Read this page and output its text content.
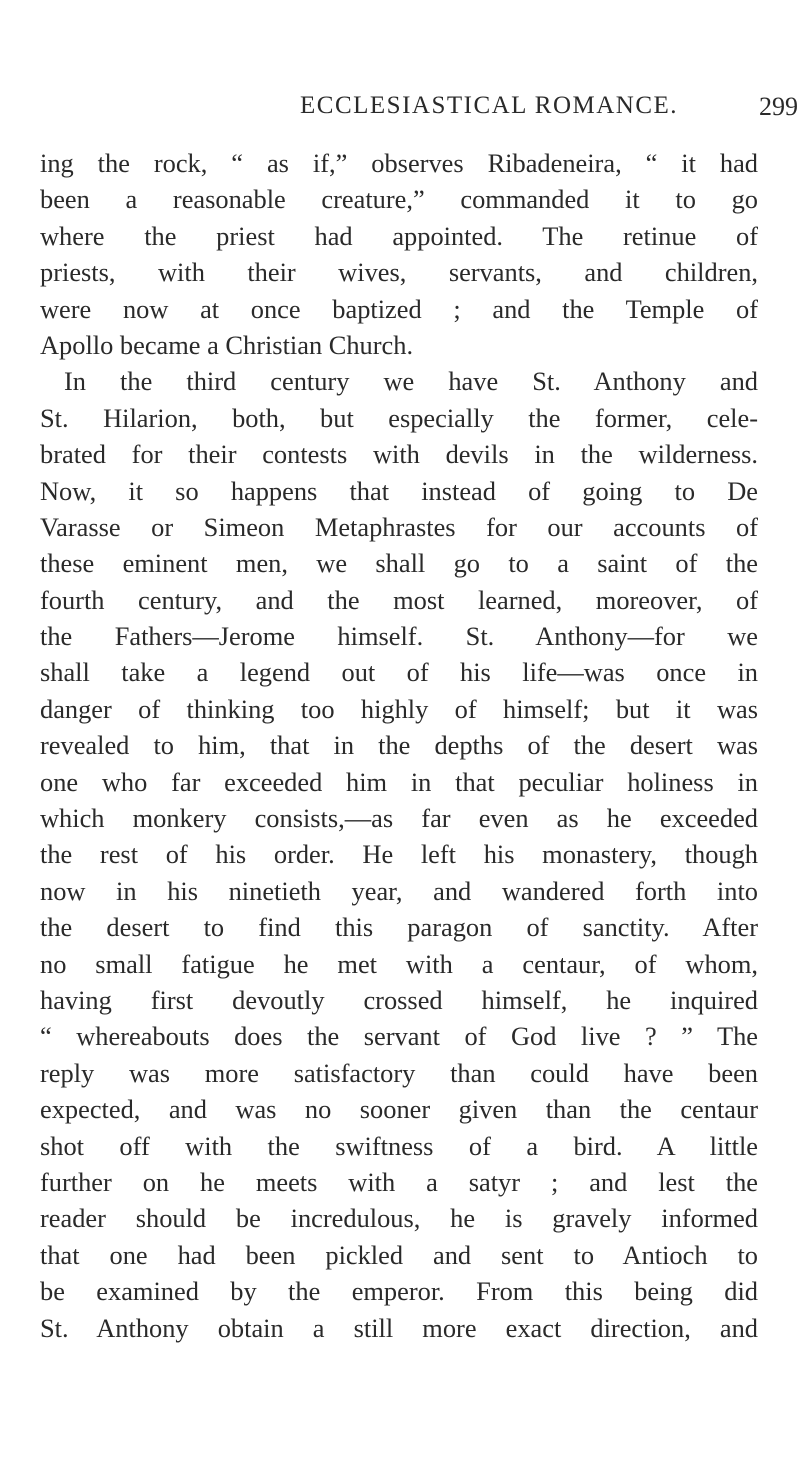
ECCLESIASTICAL ROMANCE.	299
ing the rock, “ as if,” observes Ribadeneira, “ it had
been a reasonable creature,” commanded it to go
where the priest had appointed. The retinue of
priests, with their wives, servants, and children,
were now at once baptized ; and the Temple of
Apollo became a Christian Church.
In the third century we have St. Anthony and
St. Hilarion, both, but especially the former, cele-
brated for their contests with devils in the wilderness.
Now, it so happens that instead of going to De
Varasse or Simeon Metaphrastes for our accounts of
these eminent men, we shall go to a saint of the
fourth century, and the most learned, moreover, of
the Fathers—Jerome himself. St. Anthony—for we
shall take a legend out of his life—was once in
danger of thinking too highly of himself; but it was
revealed to him, that in the depths of the desert was
one who far exceeded him in that peculiar holiness in
which monkery consists,—as far even as he exceeded
the rest of his order. He left his monastery, though
now in his ninetieth year, and wandered forth into
the desert to find this paragon of sanctity. After
no small fatigue he met with a centaur, of whom,
having first devoutly crossed himself, he inquired
“ whereabouts does the servant of God live ? ” The
reply was more satisfactory than could have been
expected, and was no sooner given than the centaur
shot off with the swiftness of a bird. A little
further on he meets with a satyr ; and lest the
reader should be incredulous, he is gravely informed
that one had been pickled and sent to Antioch to
be examined by the emperor. From this being did
St. Anthony obtain a still more exact direction, and
